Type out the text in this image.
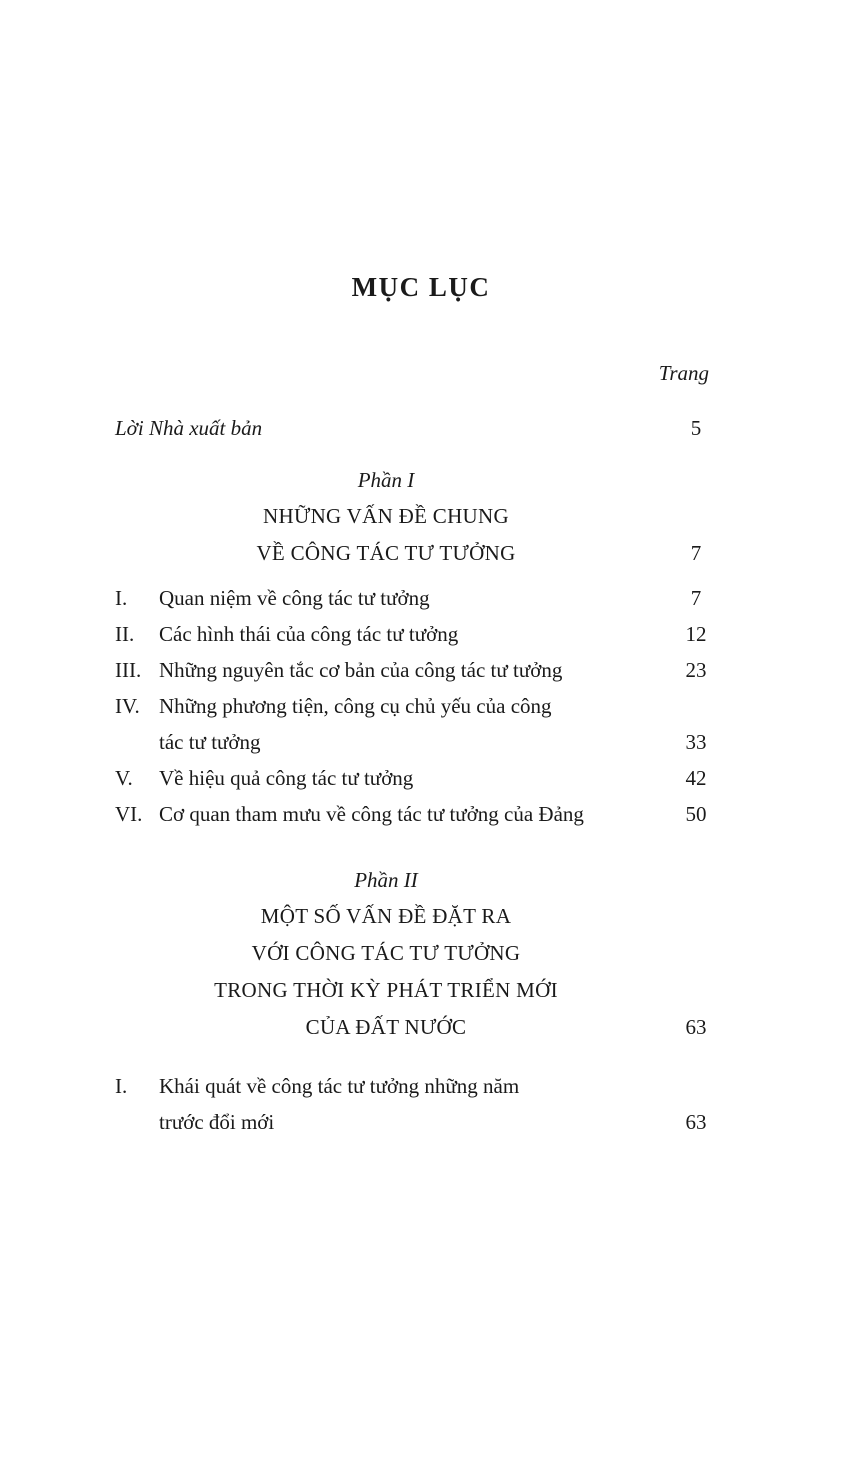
MỤC LỤC
Trang
Lời Nhà xuất bản	5
Phần I
NHỮNG VẤN ĐỀ CHUNG
VỀ CÔNG TÁC TƯ TƯỞNG	7
I.	Quan niệm về công tác tư tưởng	7
II.	Các hình thái của công tác tư tưởng	12
III. Những nguyên tắc cơ bản của công tác tư tưởng	23
IV. Những phương tiện, công cụ chủ yếu của công
tác tư tưởng	33
V.	Về hiệu quả công tác tư tưởng	42
VI. Cơ quan tham mưu về công tác tư tưởng của Đảng	50
Phần II
MỘT SỐ VẤN ĐỀ ĐẶT RA
VỚI CÔNG TÁC TƯ TƯỞNG
TRONG THỜI KỲ PHÁT TRIỂN MỚI
CỦA ĐẤT NƯỚC	63
I.	Khái quát về công tác tư tưởng những năm
trước đổi mới	63
